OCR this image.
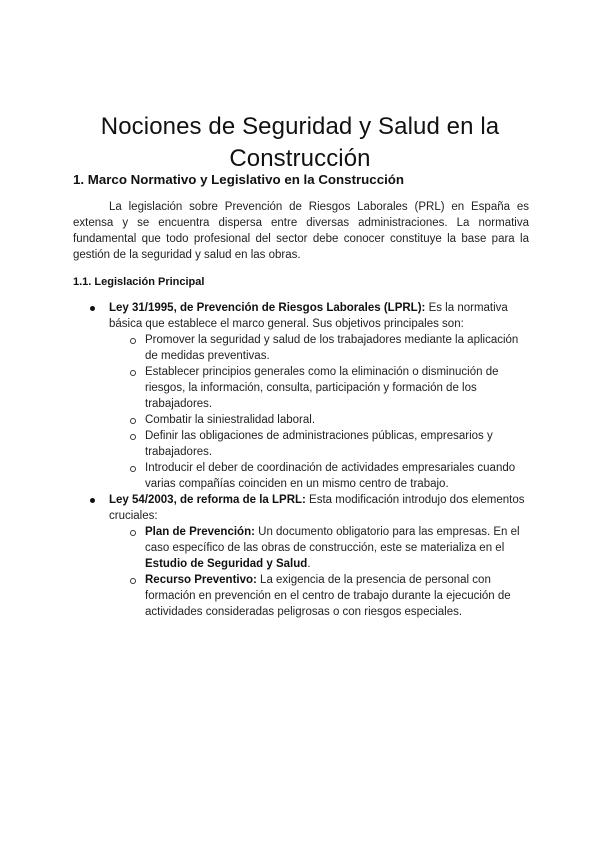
Nociones de Seguridad y Salud en la Construcción
1. Marco Normativo y Legislativo en la Construcción

La legislación sobre Prevención de Riesgos Laborales (PRL) en España es extensa y se encuentra dispersa entre diversas administraciones. La normativa fundamental que todo profesional del sector debe conocer constituye la base para la gestión de la seguridad y salud en las obras.

1.1. Legislación Principal
Ley 31/1995, de Prevención de Riesgos Laborales (LPRL): Es la normativa básica que establece el marco general. Sus objetivos principales son:
Promover la seguridad y salud de los trabajadores mediante la aplicación de medidas preventivas.
Establecer principios generales como la eliminación o disminución de riesgos, la información, consulta, participación y formación de los trabajadores.
Combatir la siniestralidad laboral.
Definir las obligaciones de administraciones públicas, empresarios y trabajadores.
Introducir el deber de coordinación de actividades empresariales cuando varias compañías coinciden en un mismo centro de trabajo.
Ley 54/2003, de reforma de la LPRL: Esta modificación introdujo dos elementos cruciales:
Plan de Prevención: Un documento obligatorio para las empresas. En el caso específico de las obras de construcción, este se materializa en el Estudio de Seguridad y Salud.
Recurso Preventivo: La exigencia de la presencia de personal con formación en prevención en el centro de trabajo durante la ejecución de actividades consideradas peligrosas o con riesgos especiales.
